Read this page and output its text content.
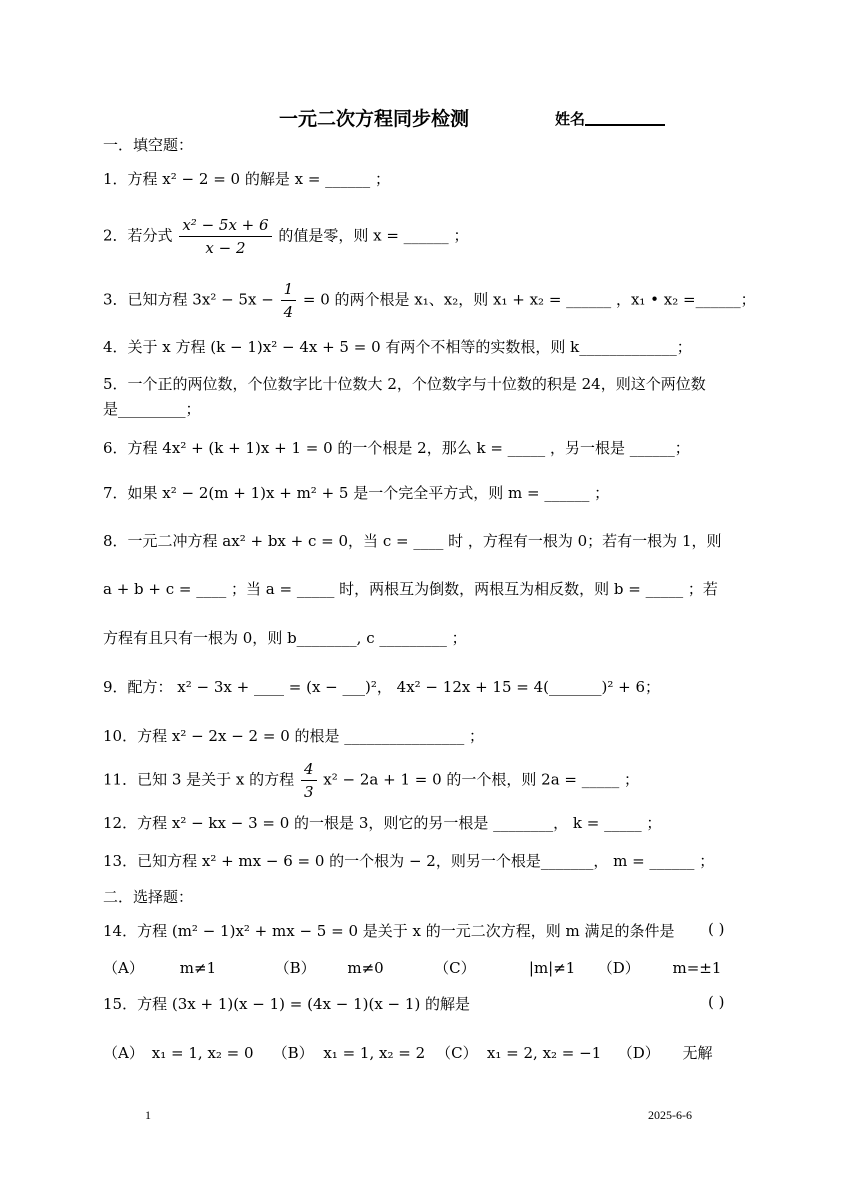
一元二次方程同步检测	姓名
一．填空题：
1．方程 x² − 2 = 0 的解是 x = ______ ；
2．若分式 $\frac{\text{x² − 5x + 6}}{x - 2}$ 的值是零，则 x = ______ ；
3．已知方程 $3x^2 - 5x - \frac{1}{4} = 0$ 的两个根是 x₁、x₂，则 x₁ + x₂ = ______ ，x₁ • x₂ =______；
4．关于 x 方程 (k − 1)x² − 4x + 5 = 0 有两个不相等的实数根，则 k_____________；
5．一个正的两位数，个位数字比十位数大 2，个位数字与十位数的积是 24，则这个两位数
是_________；
6．方程 4x² + (k + 1)x + 1 = 0 的一个根是 2，那么 k = _____ ，另一根是 ______；
7．如果 x² − 2(m + 1)x + m² + 5 是一个完全平方式，则 m = ______ ；
8．一元二冲方程 ax² + bx + c = 0，当 c = ____ 时 ，方程有一根为 0；若有一根为 1，则
a + b + c = ____ ；当 a = _____ 时，两根互为倒数，两根互为相反数，则 b = _____ ；若
方程有且只有一根为 0，则 b________, c _________ ；
9．配方： x² − 3x + ____ = (x − ___)²， 4x² − 12x + 15 = 4(_______)² + 6；
10．方程 x² − 2x − 2 = 0 的根是 ________________ ；
11．已知 3 是关于 x 的方程 $\frac{4}{3} x^2 - 2a + 1 = 0$ 的一个根，则 2a = _____ ；
12．方程 x² − kx − 3 = 0 的一根是 3，则它的另一根是 ________， k = _____ ；
13．已知方程 x² + mx − 6 = 0 的一个根为 − 2，则另一个根是_______， m = ______ ；
二．选择题：
14．方程 (m² − 1)x² + mx − 5 = 0 是关于 x 的一元二次方程，则 m 满足的条件是	( )
（A） m≠1	（B） m≠0	（C）	|m|≠1 （D） m=±1
15．方程 (3x + 1)(x − 1) = (4x − 1)(x − 1) 的解是	( )
（A） x₁ = 1, x₂ = 0 （B） x₁ = 1, x₂ = 2 （C） x₁ = 2, x₂ = −1 （D） 无解
1	2025-6-6
